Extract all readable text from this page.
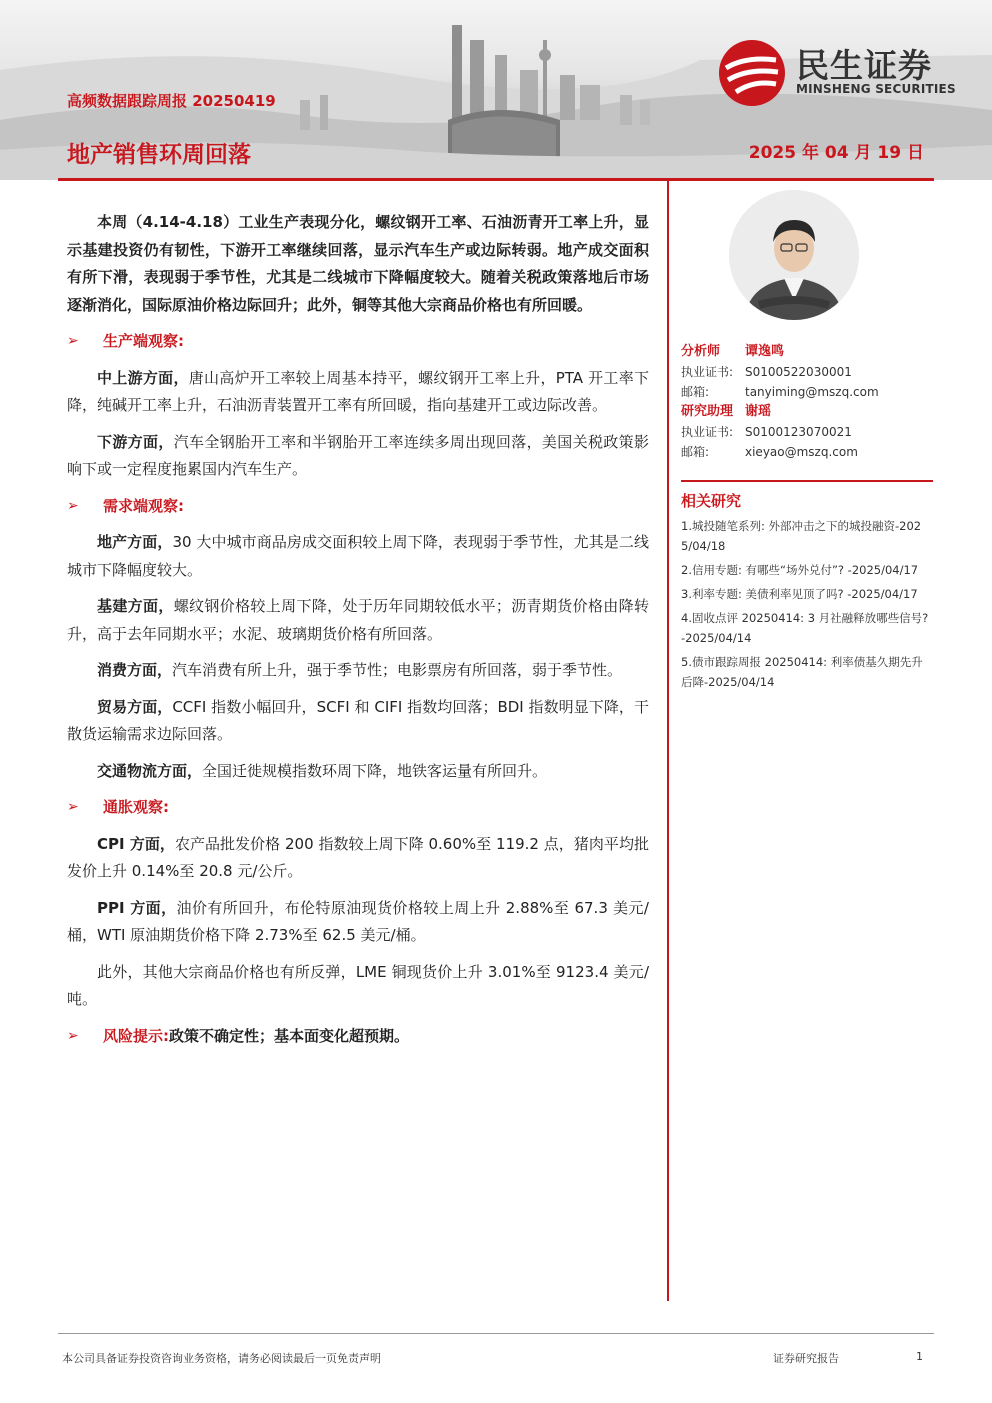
高频数据跟踪周报 20250419
地产销售环周回落	2025 年 04 月 19 日
民生证券
MINSHENG SECURITIES

本周（4.14-4.18）工业生产表现分化，螺纹钢开工率、石油沥青开工率上升，显示基建投资仍有韧性，下游开工率继续回落，显示汽车生产或边际转弱。地产成交面积有所下滑，表现弱于季节性，尤其是二线城市下降幅度较大。随着关税政策落地后市场逐渐消化，国际原油价格边际回升；此外，铜等其他大宗商品价格也有所回暖。

➢	生产端观察:

中上游方面，唐山高炉开工率较上周基本持平，螺纹钢开工率上升，PTA 开工率下降，纯碱开工率上升，石油沥青装置开工率有所回暖，指向基建开工或边际改善。

下游方面，汽车全钢胎开工率和半钢胎开工率连续多周出现回落，美国关税政策影响下或一定程度拖累国内汽车生产。

➢	需求端观察:

地产方面，30 大中城市商品房成交面积较上周下降，表现弱于季节性，尤其是二线城市下降幅度较大。

基建方面，螺纹钢价格较上周下降，处于历年同期较低水平；沥青期货价格由降转升，高于去年同期水平；水泥、玻璃期货价格有所回落。

消费方面，汽车消费有所上升，强于季节性；电影票房有所回落，弱于季节性。

贸易方面，CCFI 指数小幅回升，SCFI 和 CIFI 指数均回落；BDI 指数明显下降，干散货运输需求边际回落。

交通物流方面，全国迁徙规模指数环周下降，地铁客运量有所回升。

➢	通胀观察:

CPI 方面，农产品批发价格 200 指数较上周下降 0.60%至 119.2 点，猪肉平均批发价上升 0.14%至 20.8 元/公斤。

PPI 方面，油价有所回升，布伦特原油现货价格较上周上升 2.88%至 67.3 美元/桶，WTI 原油期货价格下降 2.73%至 62.5 美元/桶。

此外，其他大宗商品价格也有所反弹，LME 铜现货价上升 3.01%至 9123.4 美元/吨。

➢	风险提示: 政策不确定性；基本面变化超预期。
分析师	谭逸鸣
执业证书: S0100522030001
邮箱:	tanyiming@mszq.com
研究助理 谢瑶
执业证书: S0100123070021
邮箱:	xieyao@mszq.com
相关研究
1.城投随笔系列: 外部冲击之下的城投融资-2025/04/18
2.信用专题: 有哪些“场外兑付”? -2025/04/17
3.利率专题: 美债利率见顶了吗? -2025/04/17
4.固收点评 20250414: 3 月社融释放哪些信号? -2025/04/14
5.债市跟踪周报 20250414: 利率债基久期先升后降-2025/04/14
本公司具备证券投资咨询业务资格，请务必阅读最后一页免责声明	证券研究报告	1
